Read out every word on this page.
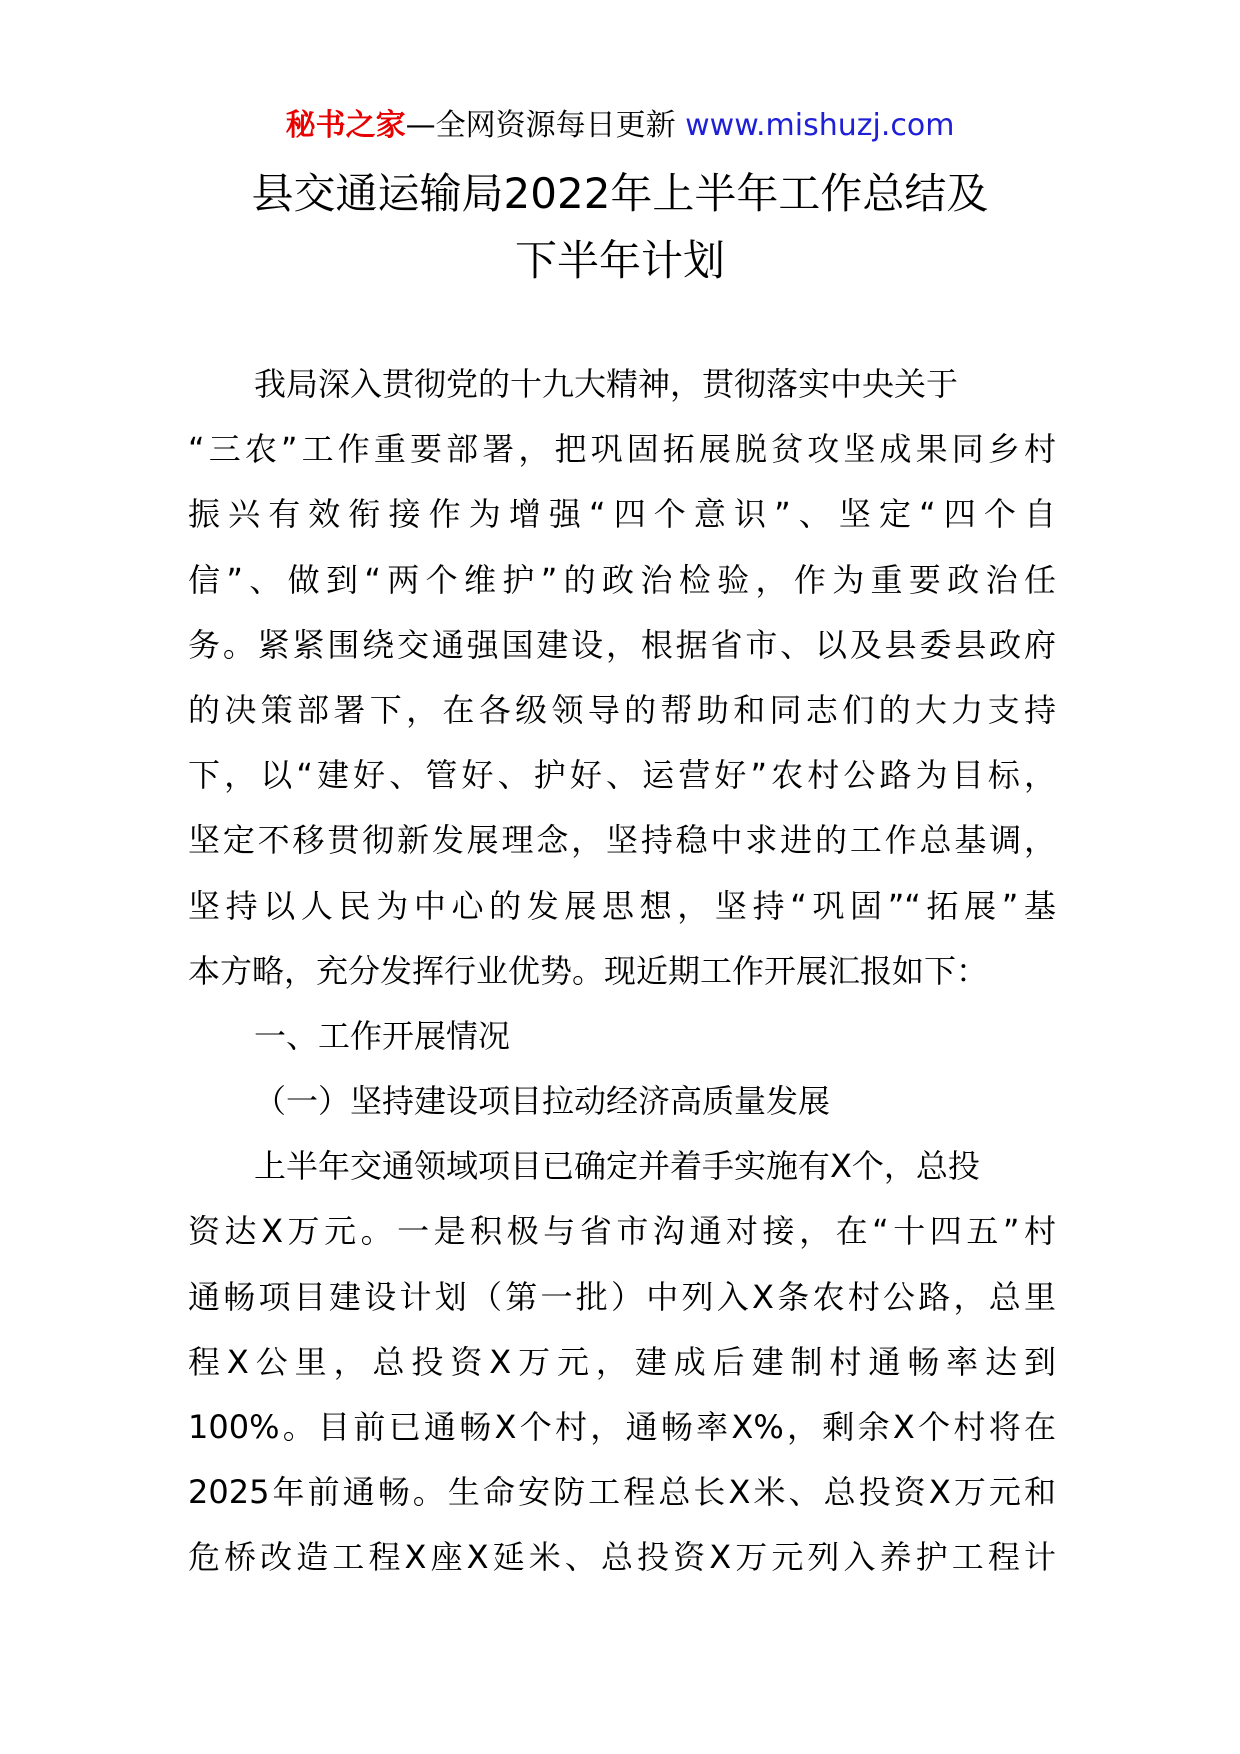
秘书之家—全网资源每日更新 www.mishuzj.com
县交通运输局2022年上半年工作总结及
下半年计划
我局深入贯彻党的十九大精神，贯彻落实中央关于
“三农”工作重要部署，把巩固拓展脱贫攻坚成果同乡村
振兴有效衔接作为增强“四个意识”、坚定“四个自
信”、做到“两个维护”的政治检验，作为重要政治任
务。紧紧围绕交通强国建设，根据省市、以及县委县政府
的决策部署下，在各级领导的帮助和同志们的大力支持
下，以“建好、管好、护好、运营好”农村公路为目标，
坚定不移贯彻新发展理念，坚持稳中求进的工作总基调，
坚持以人民为中心的发展思想，坚持“巩固”“拓展”基
本方略，充分发挥行业优势。现近期工作开展汇报如下：
一、工作开展情况
（一）坚持建设项目拉动经济高质量发展
上半年交通领域项目已确定并着手实施有X个，总投
资达X万元。一是积极与省市沟通对接，在“十四五”村
通畅项目建设计划（第一批）中列入X条农村公路，总里
程X公里，总投资X万元，建成后建制村通畅率达到
100%。目前已通畅X个村，通畅率X%，剩余X个村将在
2025年前通畅。生命安防工程总长X米、总投资X万元和
危桥改造工程X座X延米、总投资X万元列入养护工程计
